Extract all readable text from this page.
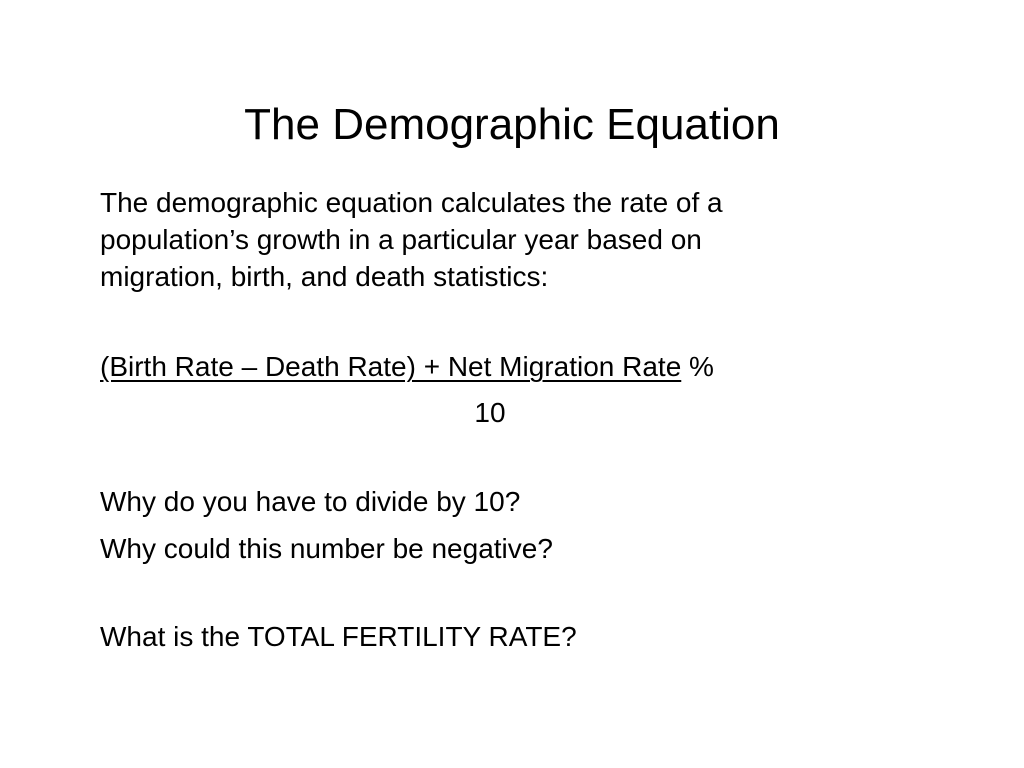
The Demographic Equation
The demographic equation calculates the rate of a
population’s growth in a particular year based on
migration, birth, and death statistics:
(Birth Rate – Death Rate) + Net Migration Rate %
10
Why do you have to divide by 10?
Why could this number be negative?
What is the TOTAL FERTILITY RATE?
